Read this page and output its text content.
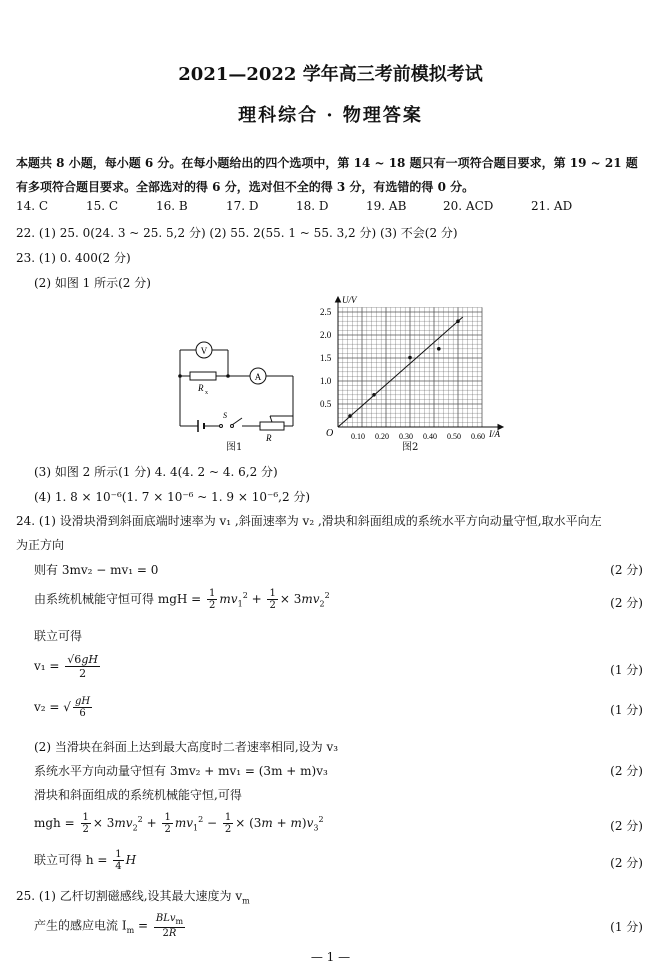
2021—2022 学年高三考前模拟考试
理科综合 · 物理答案
本题共 8 小题，每小题 6 分。在每小题给出的四个选项中，第 14 ~ 18 题只有一项符合题目要求，第 19 ~ 21 题有多项符合题目要求。全部选对的得 6 分，选对但不全的得 3 分，有选错的得 0 分。
14. C	15. C	16. B	17. D	18. D	19. AB	20. ACD	21. AD
22. (1) 25. 0(24. 3 ~ 25. 5,2 分) (2) 55. 2(55. 1 ~ 55. 3,2 分) (3) 不会(2 分)
23. (1) 0. 400(2 分)
(2) 如图 1 所示(2 分)
V
A
R x
S
R
图1
0.5
1.0
1.5
2.0
2.5
0.10 0.20 0.30 0.40 0.50 0.60
U/V
I/A
O
图2
(3) 如图 2 所示(1 分) 4. 4(4. 2 ~ 4. 6,2 分)
(4) 1. 8 × 10⁻⁶(1. 7 × 10⁻⁶ ~ 1. 9 × 10⁻⁶,2 分)
24. (1) 设滑块滑到斜面底端时速率为 v₁ ,斜面速率为 v₂ ,滑块和斜面组成的系统水平方向动量守恒,取水平向左
为正方向
则有 3mv₂ − mv₁ = 0	(2 分)
由系统机械能守恒可得 mgH = $\frac{1}{2} mv_1^2 + \frac{1}{2} \times 3mv_2^2$
(2 分)
联立可得
$v_1 = \frac{√6gH}{2}$	(1 分)
v₂ = √ $\frac{gH}{6}$	(1 分)
(2) 当滑块在斜面上达到最大高度时二者速率相同,设为 v₃
系统水平方向动量守恒有 3mv₂ + mv₁ = (3m + m)v₃	(2 分)
滑块和斜面组成的系统机械能守恒,可得
mgh = $\frac{1}{2} \times 3mv_2^2 + \frac{1}{2} mv_1^2 - \frac{1}{2} \times (3m + m)v_3^2$	(2 分)
联立可得 $h = \frac{1}{4}$ H	(2 分)
25. (1) 乙杆切割磁感线,设其最大速度为 $v_m$
产生的感应电流 $I_m = \frac{BLv_m}{2R}$	(1 分)
— 1 —
